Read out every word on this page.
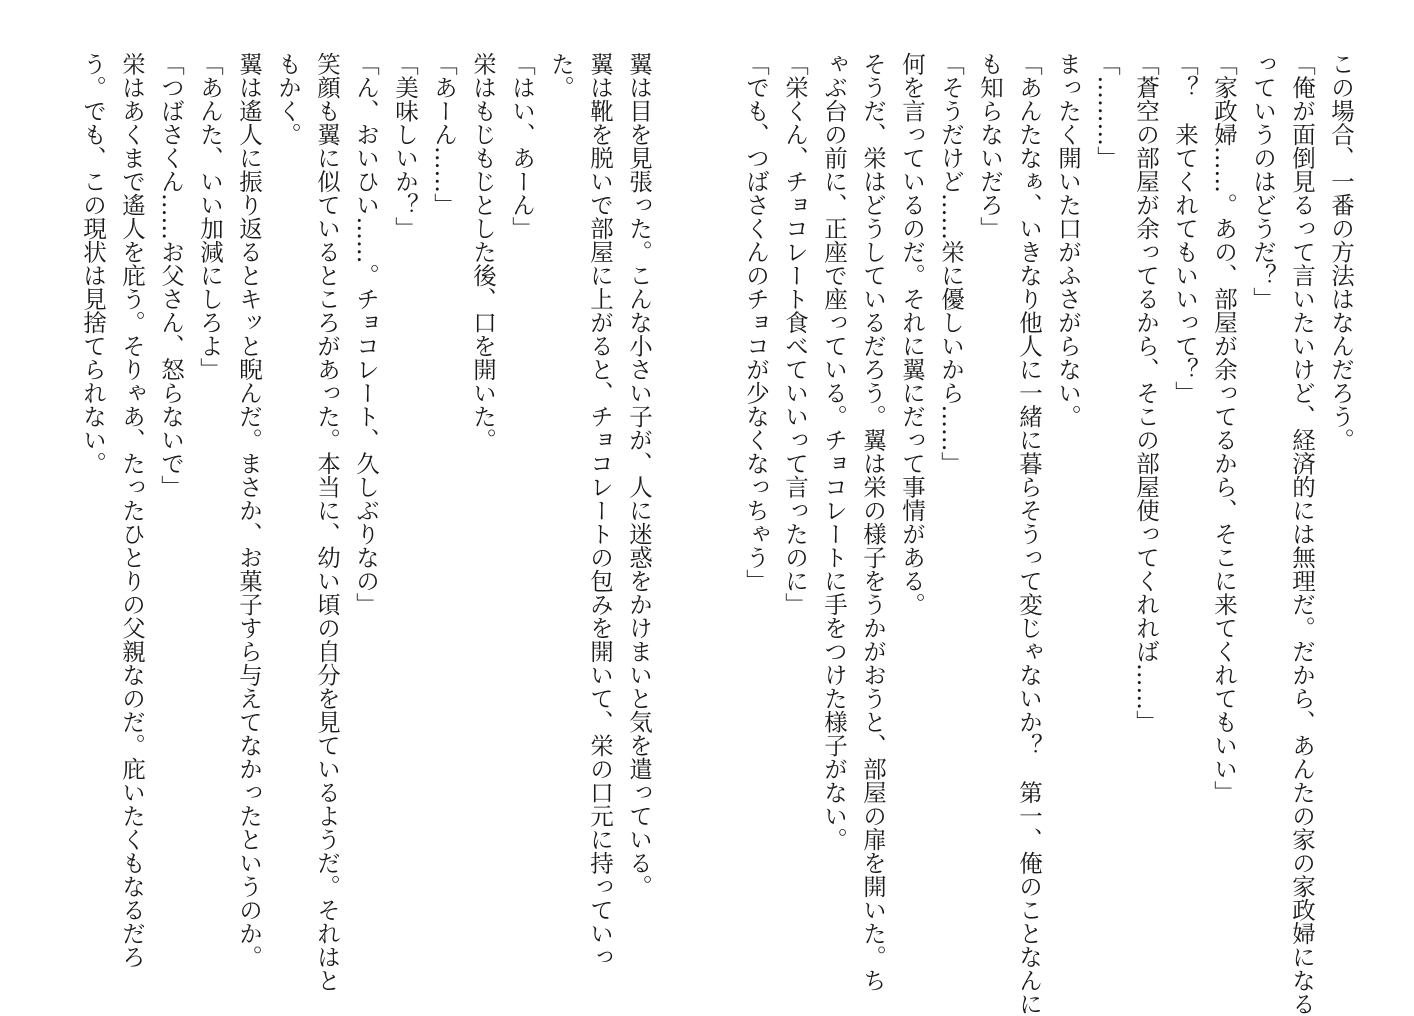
この場合、一番の方法はなんだろう。

「俺が面倒見るって言いたいけど、経済的には無理だ。だから、あんたの家の家政婦になる

っていうのはどうだ？」

「家政婦……。あの、部屋が余ってるから、そこに来てくれてもいい」

「？　来てくれてもいいって？」

「蒼空の部屋が余ってるから、そこの部屋使ってくれれば……」

「………」

まったく開いた口がふさがらない。

「あんたなぁ、いきなり他人に一緒に暮らそうって変じゃないか？　第一、俺のことなんに

も知らないだろ」

「そうだけど……栄に優しいから……」

何を言っているのだ。それに翼にだって事情がある。

そうだ、栄はどうしているだろう。翼は栄の様子をうかがおうと、部屋の扉を開いた。ち

ゃぶ台の前に、正座で座っている。チョコレートに手をつけた様子がない。

「栄くん、チョコレート食べていいって言ったのに」

「でも、つばさくんのチョコが少なくなっちゃう」

翼は目を見張った。こんな小さい子が、人に迷惑をかけまいと気を遣っている。

翼は靴を脱いで部屋に上がると、チョコレートの包みを開いて、栄の口元に持っていっ

た。

「はい、あーん」

栄はもじもじとした後、口を開いた。

「あーん……」

「美味しいか？」

「ん、おいひい……。チョコレート、久しぶりなの」

笑顔も翼に似ているところがあった。本当に、幼い頃の自分を見ているようだ。それはと

もかく。

翼は遙人に振り返るとキッと睨んだ。まさか、お菓子すら与えてなかったというのか。

「あんた、いい加減にしろよ」

「つばさくん……お父さん、怒らないで」

栄はあくまで遙人を庇う。そりゃあ、たったひとりの父親なのだ。庇いたくもなるだろ

う。でも、この現状は見捨てられない。
